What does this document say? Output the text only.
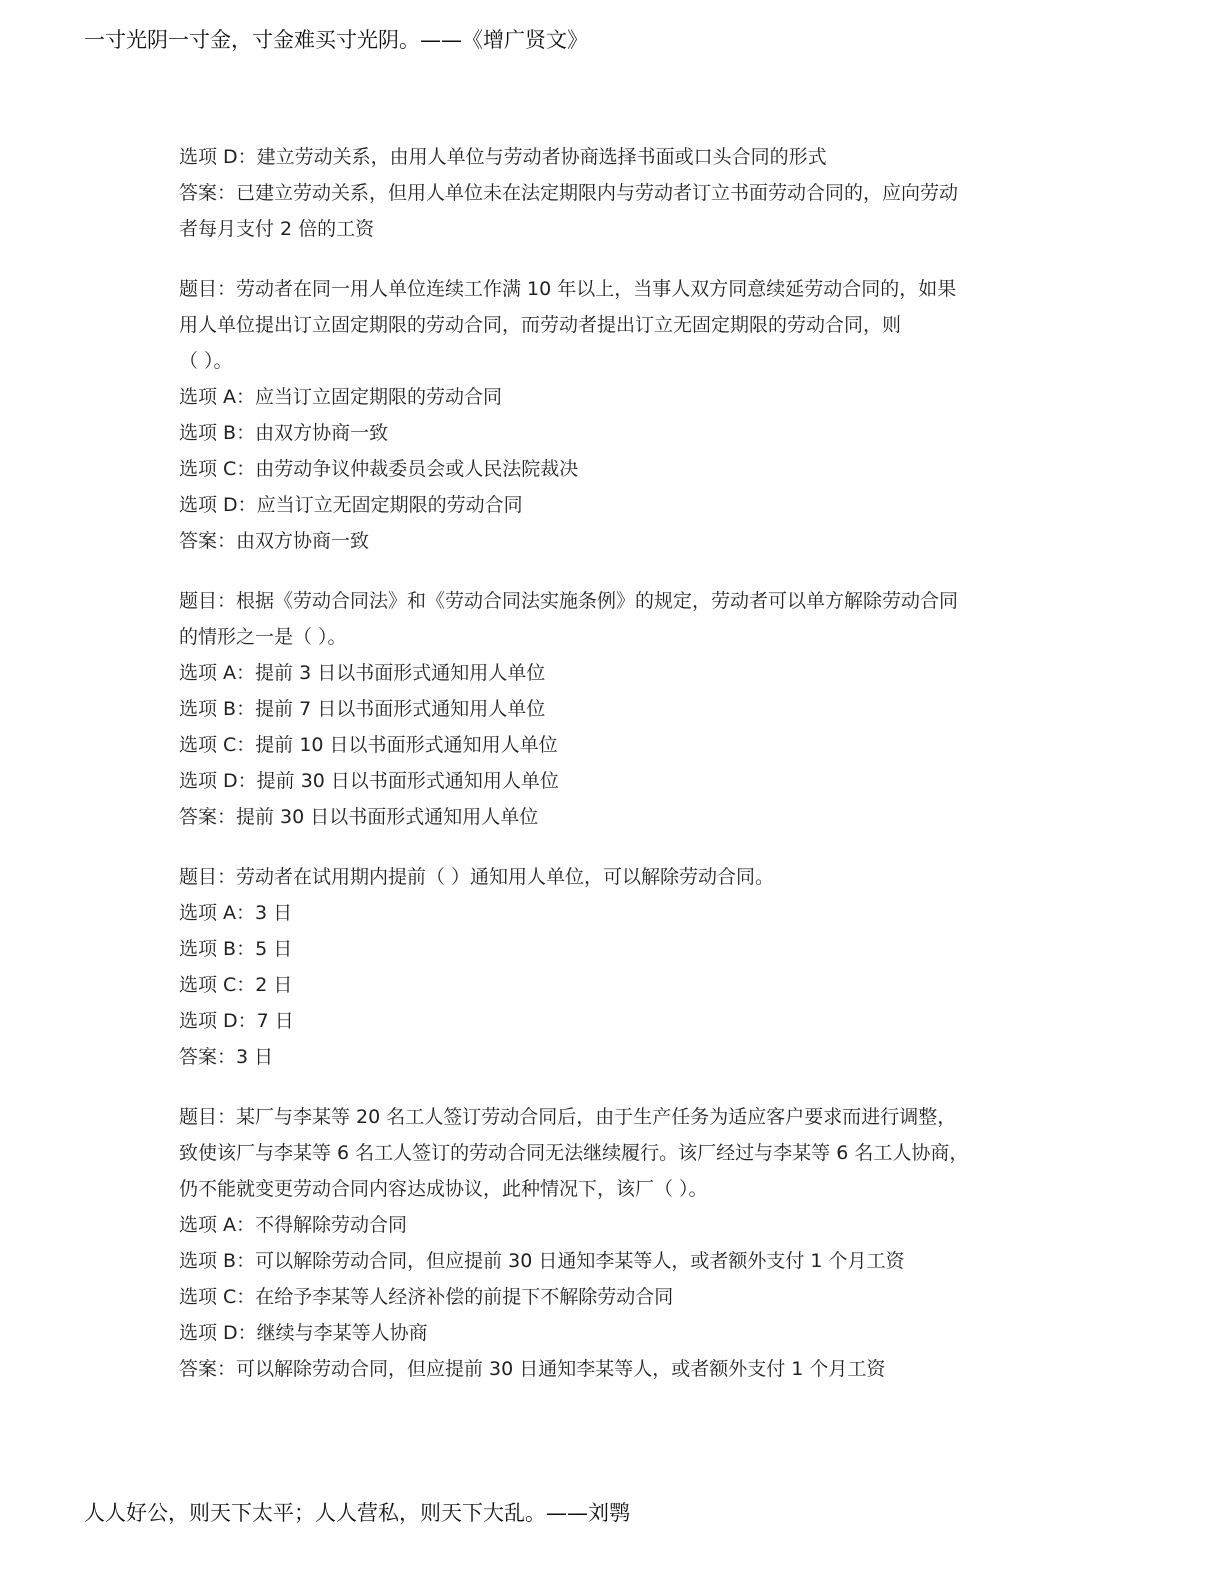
一寸光阴一寸金，寸金难买寸光阴。——《增广贤文》
选项 D：建立劳动关系，由用人单位与劳动者协商选择书面或口头合同的形式
答案：已建立劳动关系，但用人单位未在法定期限内与劳动者订立书面劳动合同的，应向劳动
者每月支付 2 倍的工资
题目：劳动者在同一用人单位连续工作满 10 年以上，当事人双方同意续延劳动合同的，如果
用人单位提出订立固定期限的劳动合同，而劳动者提出订立无固定期限的劳动合同，则
（ ）。
选项 A：应当订立固定期限的劳动合同
选项 B：由双方协商一致
选项 C：由劳动争议仲裁委员会或人民法院裁决
选项 D：应当订立无固定期限的劳动合同
答案：由双方协商一致
题目：根据《劳动合同法》和《劳动合同法实施条例》的规定，劳动者可以单方解除劳动合同
的情形之一是（ ）。
选项 A：提前 3 日以书面形式通知用人单位
选项 B：提前 7 日以书面形式通知用人单位
选项 C：提前 10 日以书面形式通知用人单位
选项 D：提前 30 日以书面形式通知用人单位
答案：提前 30 日以书面形式通知用人单位
题目：劳动者在试用期内提前（ ）通知用人单位，可以解除劳动合同。
选项 A：3 日
选项 B：5 日
选项 C：2 日
选项 D：7 日
答案：3 日
题目：某厂与李某等 20 名工人签订劳动合同后，由于生产任务为适应客户要求而进行调整，
致使该厂与李某等 6 名工人签订的劳动合同无法继续履行。该厂经过与李某等 6 名工人协商，
仍不能就变更劳动合同内容达成协议，此种情况下，该厂（ ）。
选项 A：不得解除劳动合同
选项 B：可以解除劳动合同，但应提前 30 日通知李某等人，或者额外支付 1 个月工资
选项 C：在给予李某等人经济补偿的前提下不解除劳动合同
选项 D：继续与李某等人协商
答案：可以解除劳动合同，但应提前 30 日通知李某等人，或者额外支付 1 个月工资
人人好公，则天下太平；人人营私，则天下大乱。——刘鹗
